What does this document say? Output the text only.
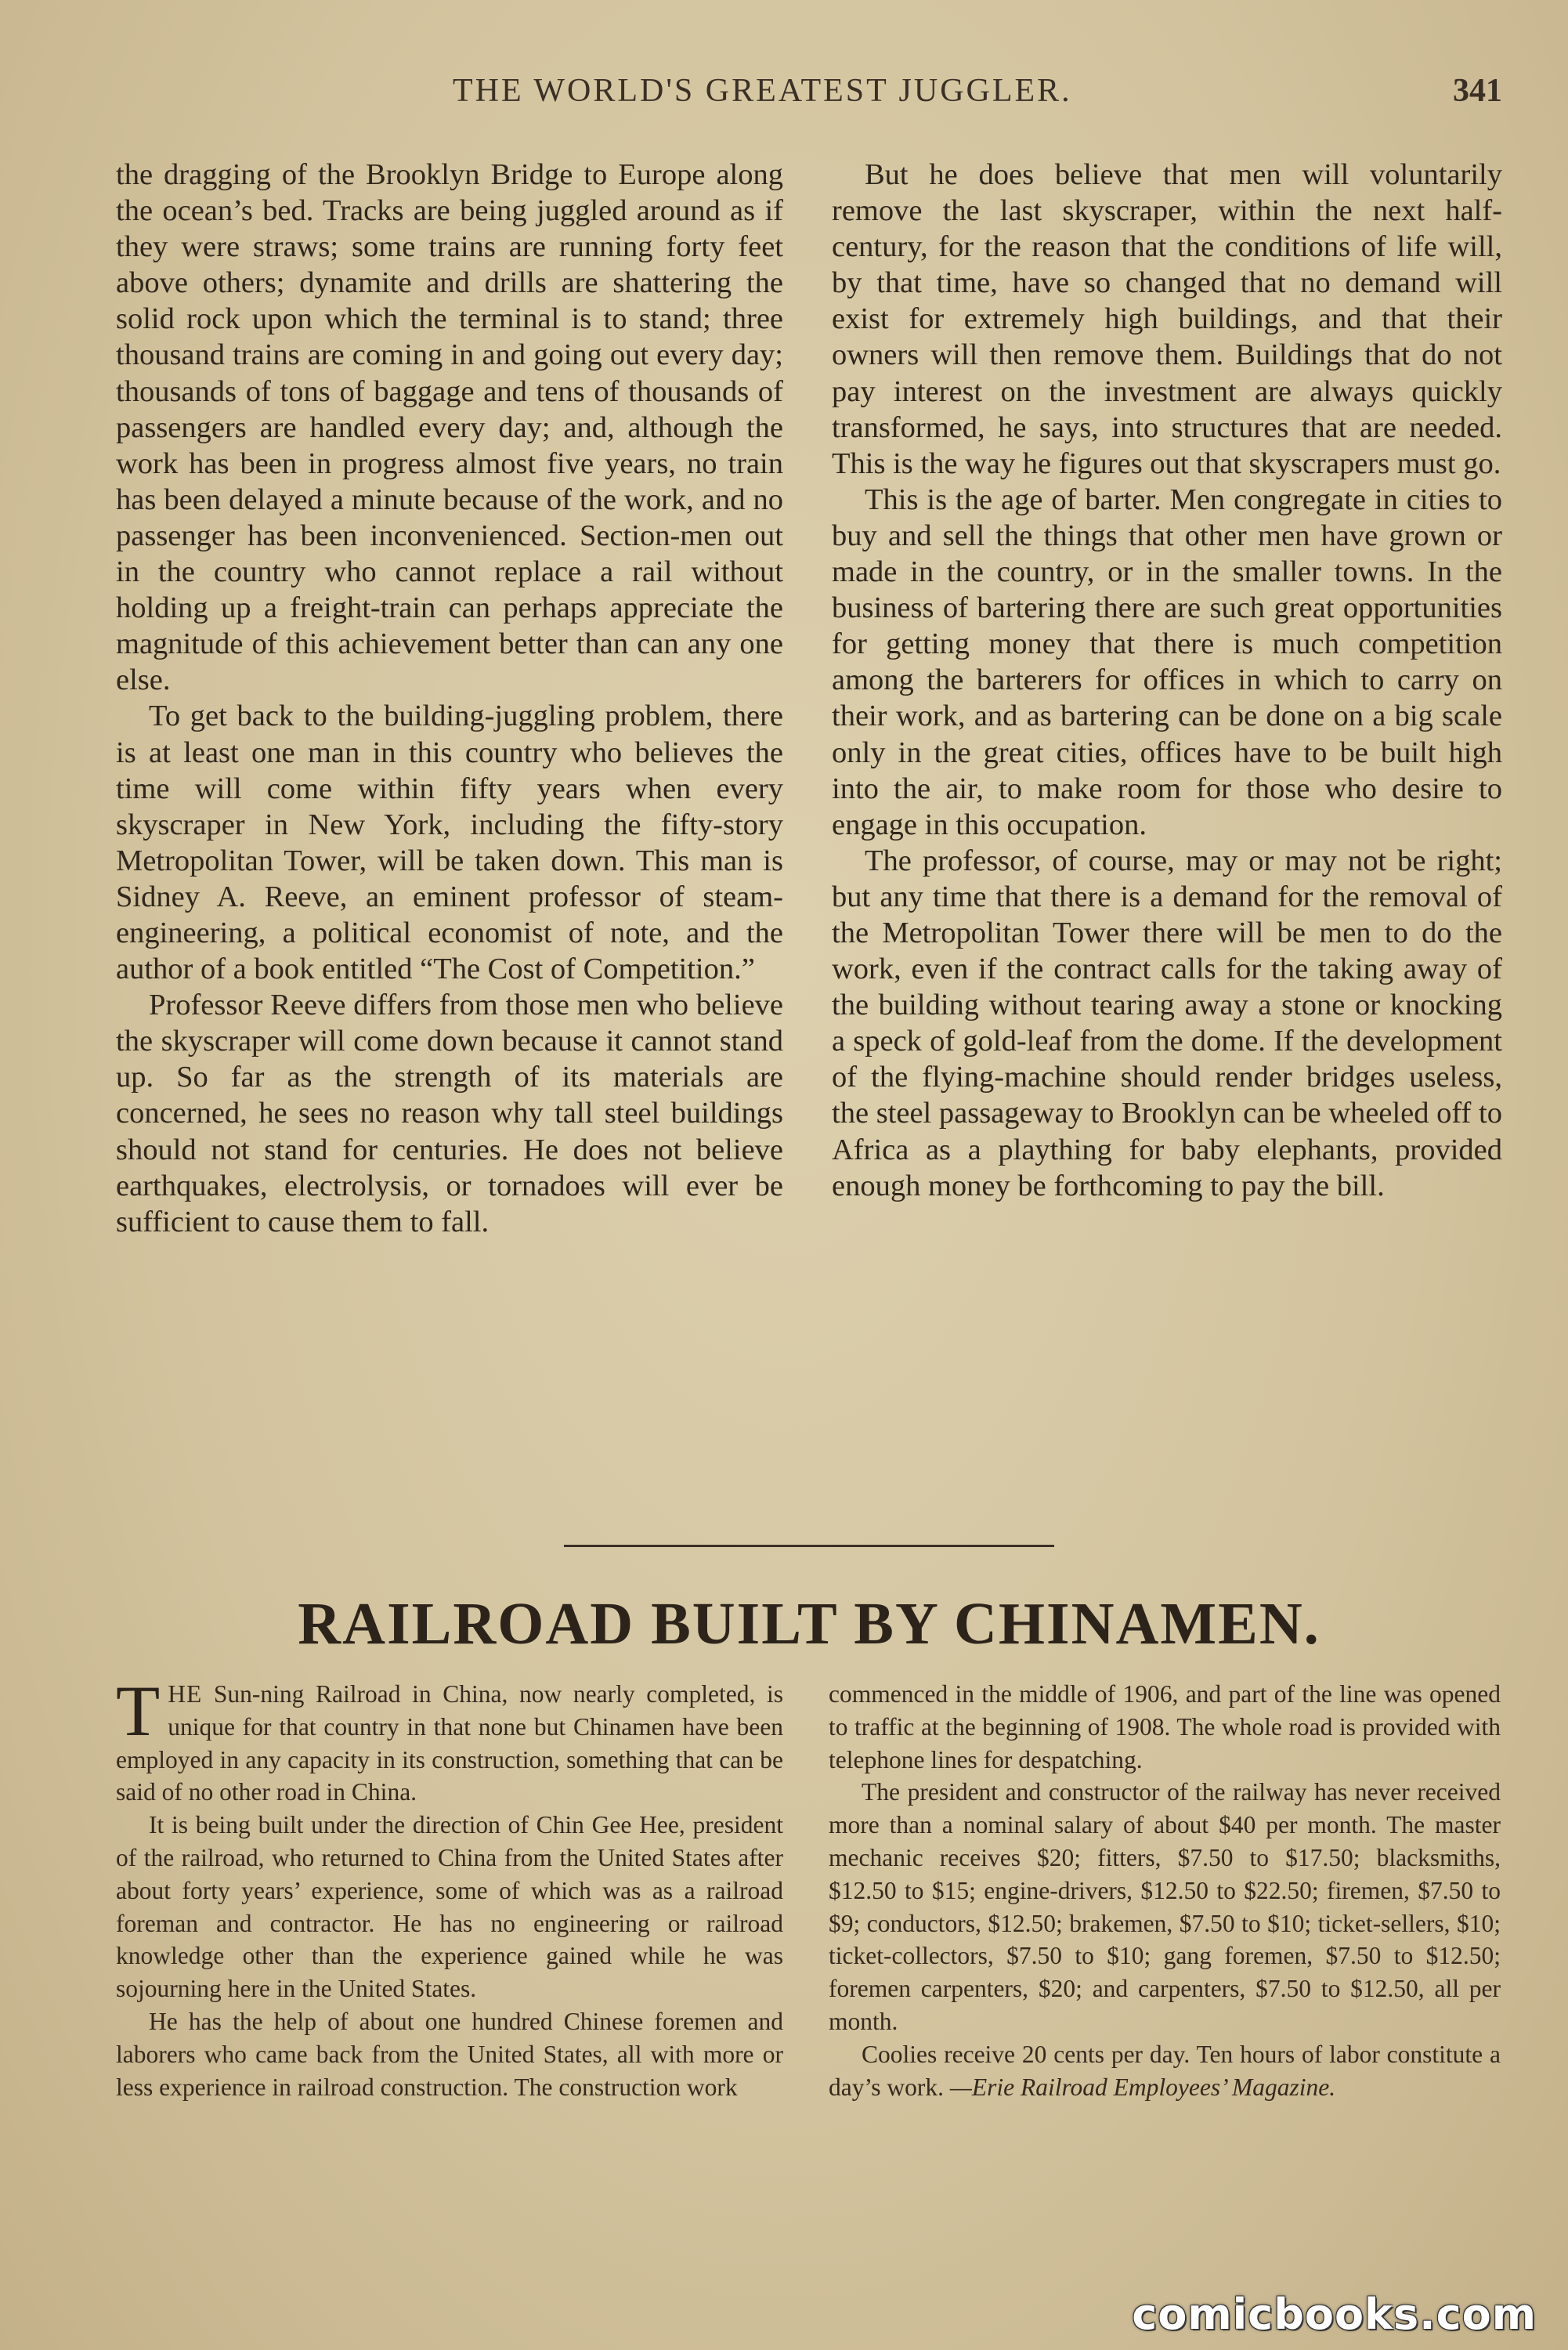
THE WORLD'S GREATEST JUGGLER.	341

the dragging of the Brooklyn Bridge to Europe along the ocean’s bed. Tracks are being juggled around as if they were straws; some trains are running forty feet above others; dynamite and drills are shattering the solid rock upon which the terminal is to stand; three thousand trains are coming in and going out every day; thousands of tons of baggage and tens of thousands of passengers are handled every day; and, although the work has been in progress almost five years, no train has been delayed a minute because of the work, and no passenger has been inconvenienced. Section-men out in the country who cannot replace a rail without holding up a freight-train can perhaps appreciate the magnitude of this achievement better than can any one else.

To get back to the building-juggling problem, there is at least one man in this country who believes the time will come within fifty years when every skyscraper in New York, including the fifty-story Metropolitan Tower, will be taken down. This man is Sidney A. Reeve, an eminent professor of steam-engineering, a political economist of note, and the author of a book entitled “The Cost of Competition.”

Professor Reeve differs from those men who believe the skyscraper will come down because it cannot stand up. So far as the strength of its materials are concerned, he sees no reason why tall steel buildings should not stand for centuries. He does not believe earthquakes, electrolysis, or tornadoes will ever be sufficient to cause them to fall.

But he does believe that men will voluntarily remove the last skyscraper, within the next half-century, for the reason that the conditions of life will, by that time, have so changed that no demand will exist for extremely high buildings, and that their owners will then remove them. Buildings that do not pay interest on the investment are always quickly transformed, he says, into structures that are needed. This is the way he figures out that skyscrapers must go.

This is the age of barter. Men congregate in cities to buy and sell the things that other men have grown or made in the country, or in the smaller towns. In the business of bartering there are such great opportunities for getting money that there is much competition among the barterers for offices in which to carry on their work, and as bartering can be done on a big scale only in the great cities, offices have to be built high into the air, to make room for those who desire to engage in this occupation.

The professor, of course, may or may not be right; but any time that there is a demand for the removal of the Metropolitan Tower there will be men to do the work, even if the contract calls for the taking away of the building without tearing away a stone or knocking a speck of gold-leaf from the dome. If the development of the flying-machine should render bridges useless, the steel passageway to Brooklyn can be wheeled off to Africa as a plaything for baby elephants, provided enough money be forthcoming to pay the bill.

RAILROAD BUILT BY CHINAMEN.

THE Sun-ning Railroad in China, now nearly completed, is unique for that country in that none but Chinamen have been employed in any capacity in its construction, something that can be said of no other road in China.

It is being built under the direction of Chin Gee Hee, president of the railroad, who returned to China from the United States after about forty years’ experience, some of which was as a railroad foreman and contractor. He has no engineering or railroad knowledge other than the experience gained while he was sojourning here in the United States.

He has the help of about one hundred Chinese foremen and laborers who came back from the United States, all with more or less experience in railroad construction. The construction work

commenced in the middle of 1906, and part of the line was opened to traffic at the beginning of 1908. The whole road is provided with telephone lines for despatching.

The president and constructor of the railway has never received more than a nominal salary of about $40 per month. The master mechanic receives $20; fitters, $7.50 to $17.50; blacksmiths, $12.50 to $15; engine-drivers, $12.50 to $22.50; firemen, $7.50 to $9; conductors, $12.50; brakemen, $7.50 to $10; ticket-sellers, $10; ticket-collectors, $7.50 to $10; gang foremen, $7.50 to $12.50; foremen carpenters, $20; and carpenters, $7.50 to $12.50, all per month.

Coolies receive 20 cents per day. Ten hours of labor constitute a day’s work. —Erie Railroad Employees’ Magazine.

comicbooks.com
